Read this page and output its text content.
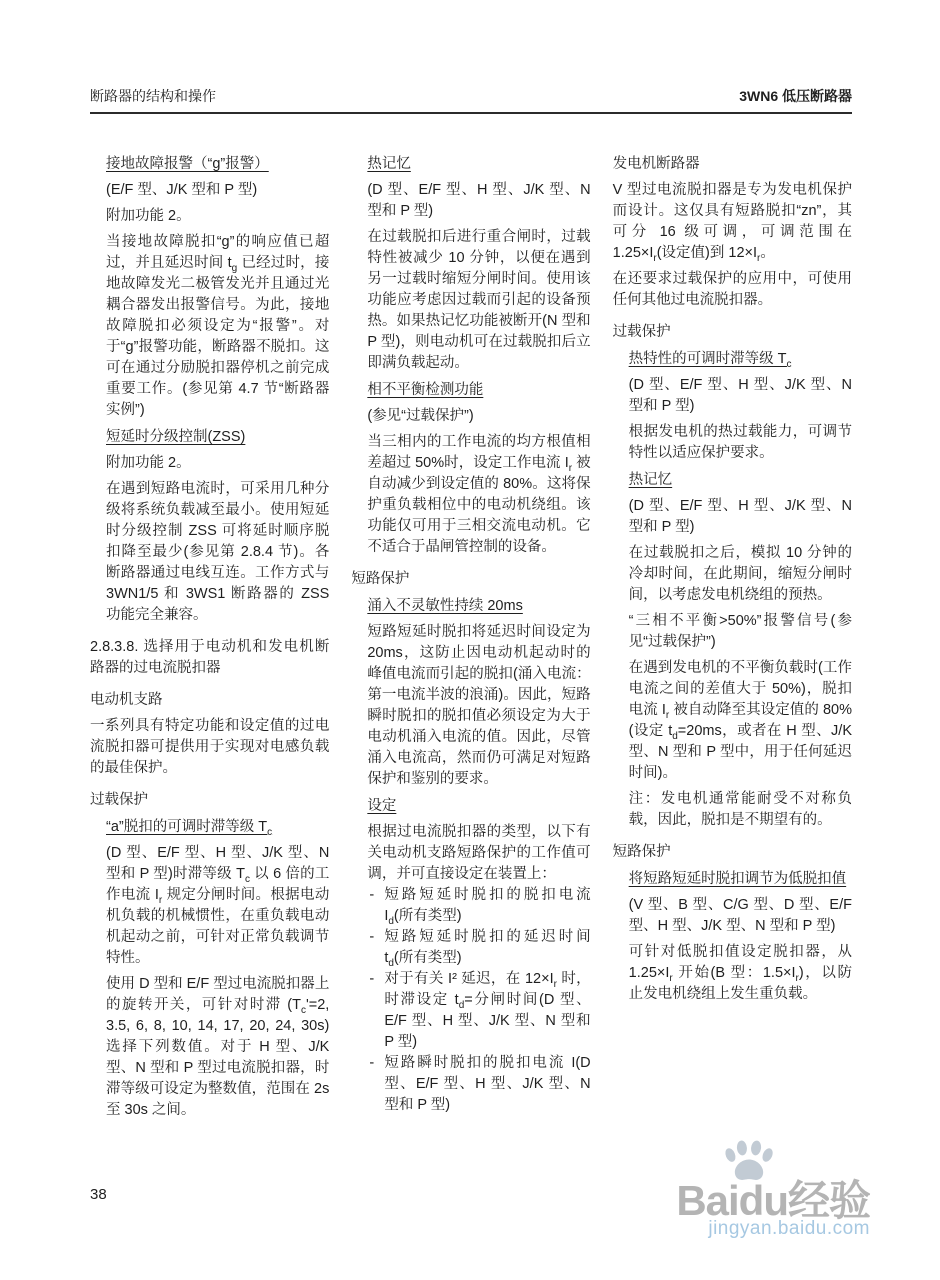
断路器的结构和操作	3WN6 低压断路器
接地故障报警（“g”报警）
(E/F 型、J/K 型和 P 型)
附加功能 2。
当接地故障脱扣“g”的响应值已超过，并且延迟时间 $t_g$ 已经过时，接地故障发光二极管发光并且通过光耦合器发出报警信号。为此，接地故障脱扣必须设定为“报警”。对于“g”报警功能，断路器不脱扣。这可在通过分励脱扣器停机之前完成重要工作。(参见第 4.7 节“断路器实例”)
短延时分级控制(ZSS)
附加功能 2。
在遇到短路电流时，可采用几种分级将系统负载减至最小。使用短延时分级控制 ZSS 可将延时顺序脱扣降至最少(参见第 2.8.4 节)。各断路器通过电线互连。工作方式与 3WN1/5 和 3WS1 断路器的 ZSS 功能完全兼容。
2.8.3.8. 选择用于电动机和发电机断路器的过电流脱扣器
电动机支路
一系列具有特定功能和设定值的过电流脱扣器可提供用于实现对电感负载的最佳保护。
过载保护
“a”脱扣的可调时滞等级 $T_c$
(D 型、E/F 型、H 型、J/K 型、N 型和 P 型)时滞等级 $T_c$ 以 6 倍的工作电流 $I_r$ 规定分闸时间。根据电动机负载的机械惯性，在重负载电动机起动之前，可针对正常负载调节特性。
使用 D 型和 E/F 型过电流脱扣器上的旋转开关，可针对时滞 ($T_c'=2$, 3.5, 6, 8, 10, 14, 17, 20, 24, 30s)选择下列数值。对于 H 型、J/K 型、N 型和 P 型过电流脱扣器，时滞等级可设定为整数值，范围在 2s 至 30s 之间。
热记忆
(D 型、E/F 型、H 型、J/K 型、N 型和 P 型)
在过载脱扣后进行重合闸时，过载特性被减少 10 分钟，以便在遇到另一过载时缩短分闸时间。使用该功能应考虑因过载而引起的设备预热。如果热记忆功能被断开(N 型和 P 型)，则电动机可在过载脱扣后立即满负载起动。
相不平衡检测功能
(参见“过载保护”)
当三相内的工作电流的均方根值相差超过 50%时，设定工作电流 $I_r$ 被自动减少到设定值的 80%。这将保护重负载相位中的电动机绕组。该功能仅可用于三相交流电动机。它不适合于晶闸管控制的设备。
短路保护
涌入不灵敏性持续 20ms
短路短延时脱扣将延迟时间设定为 20ms，这防止因电动机起动时的峰值电流而引起的脱扣(涌入电流：第一电流半波的浪涌)。因此，短路瞬时脱扣的脱扣值必须设定为大于电动机涌入电流的值。因此，尽管涌入电流高，然而仍可满足对短路保护和鉴别的要求。
设定
根据过电流脱扣器的类型，以下有关电动机支路短路保护的工作值可调，并可直接设定在装置上：
- 短路短延时脱扣的脱扣电流 $I_d$(所有类型)
- 短路短延时脱扣的延迟时间 $t_d$(所有类型)
- 对于有关 I² 延迟，在 $12\times I_r$ 时，时滞设定 $t_d=$分闸时间(D 型、E/F 型、H 型、J/K 型、N 型和 P 型)
- 短路瞬时脱扣的脱扣电流 I(D 型、E/F 型、H 型、J/K 型、N 型和 P 型)
发电机断路器
V 型过电流脱扣器是专为发电机保护而设计。这仅具有短路脱扣“zn”，其可分 16 级可调，可调范围在 $1.25\times I_r$(设定值)到 $12\times I_r$。
在还要求过载保护的应用中，可使用任何其他过电流脱扣器。
过载保护
热特性的可调时滞等级 $T_c$
(D 型、E/F 型、H 型、J/K 型、N 型和 P 型)
根据发电机的热过载能力，可调节特性以适应保护要求。
热记忆
(D 型、E/F 型、H 型、J/K 型、N 型和 P 型)
在过载脱扣之后，模拟 10 分钟的冷却时间，在此期间，缩短分闸时间，以考虑发电机绕组的预热。
“三相不平衡>50%”报警信号(参见“过载保护”)
在遇到发电机的不平衡负载时(工作电流之间的差值大于 50%)，脱扣电流 $I_r$ 被自动降至其设定值的 80%(设定 $t_d=20ms$，或者在 H 型、J/K 型、N 型和 P 型中，用于任何延迟时间)。
注：发电机通常能耐受不对称负载，因此，脱扣是不期望有的。
短路保护
将短路短延时脱扣调节为低脱扣值
(V 型、B 型、C/G 型、D 型、E/F 型、H 型、J/K 型、N 型和 P 型)
可针对低脱扣值设定脱扣器，从 $1.25\times I_r$ 开始(B 型：$1.5\times I_r$)，以防止发电机绕组上发生重负载。
38	Baidu经验
jingyan.baidu.com
